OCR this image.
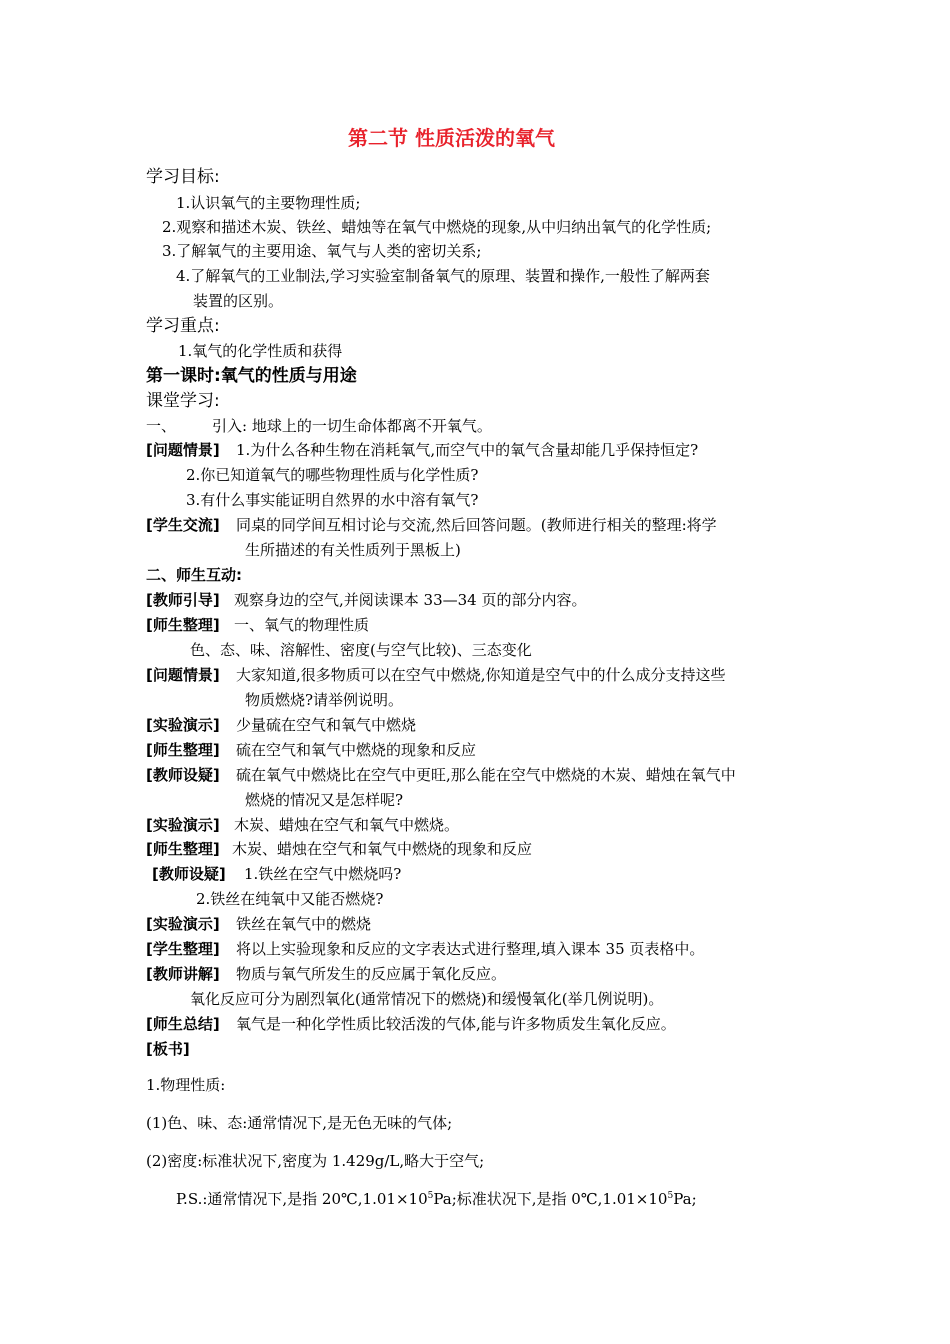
第二节 性质活泼的氧气
学习目标:
1.认识氧气的主要物理性质;
2.观察和描述木炭、铁丝、蜡烛等在氧气中燃烧的现象,从中归纳出氧气的化学性质;
3.了解氧气的主要用途、氧气与人类的密切关系;
4.了解氧气的工业制法,学习实验室制备氧气的原理、装置和操作,一般性了解两套
装置的区别。
学习重点:
1.氧气的化学性质和获得
第一课时:氧气的性质与用途
课堂学习:
一、 引入: 地球上的一切生命体都离不开氧气。
[问题情景] 1.为什么各种生物在消耗氧气,而空气中的氧气含量却能几乎保持恒定?
2.你已知道氧气的哪些物理性质与化学性质?
3.有什么事实能证明自然界的水中溶有氧气?
[学生交流] 同桌的同学间互相讨论与交流,然后回答问题。(教师进行相关的整理:将学
生所描述的有关性质列于黑板上)
二、师生互动:
[教师引导] 观察身边的空气,并阅读课本 33—34 页的部分内容。
[师生整理] 一、氧气的物理性质
色、态、味、溶解性、密度(与空气比较)、三态变化
[问题情景] 大家知道,很多物质可以在空气中燃烧,你知道是空气中的什么成分支持这些
物质燃烧?请举例说明。
[实验演示] 少量硫在空气和氧气中燃烧
[师生整理] 硫在空气和氧气中燃烧的现象和反应
[教师设疑] 硫在氧气中燃烧比在空气中更旺,那么能在空气中燃烧的木炭、蜡烛在氧气中
燃烧的情况又是怎样呢?
[实验演示] 木炭、蜡烛在空气和氧气中燃烧。
[师生整理] 木炭、蜡烛在空气和氧气中燃烧的现象和反应
[教师设疑] 1.铁丝在空气中燃烧吗?
2.铁丝在纯氧中又能否燃烧?
[实验演示] 铁丝在氧气中的燃烧
[学生整理] 将以上实验现象和反应的文字表达式进行整理,填入课本 35 页表格中。
[教师讲解] 物质与氧气所发生的反应属于氧化反应。
氧化反应可分为剧烈氧化(通常情况下的燃烧)和缓慢氧化(举几例说明)。
[师生总结] 氧气是一种化学性质比较活泼的气体,能与许多物质发生氧化反应。
[板书]
1.物理性质:
(1)色、味、态:通常情况下,是无色无味的气体;
(2)密度:标准状况下,密度为 1.429g/L,略大于空气;
P.S.:通常情况下,是指 $20℃,1.01\times 10^5Pa$;标准状况下,是指 $0℃,1.01\times 10^5Pa$;
